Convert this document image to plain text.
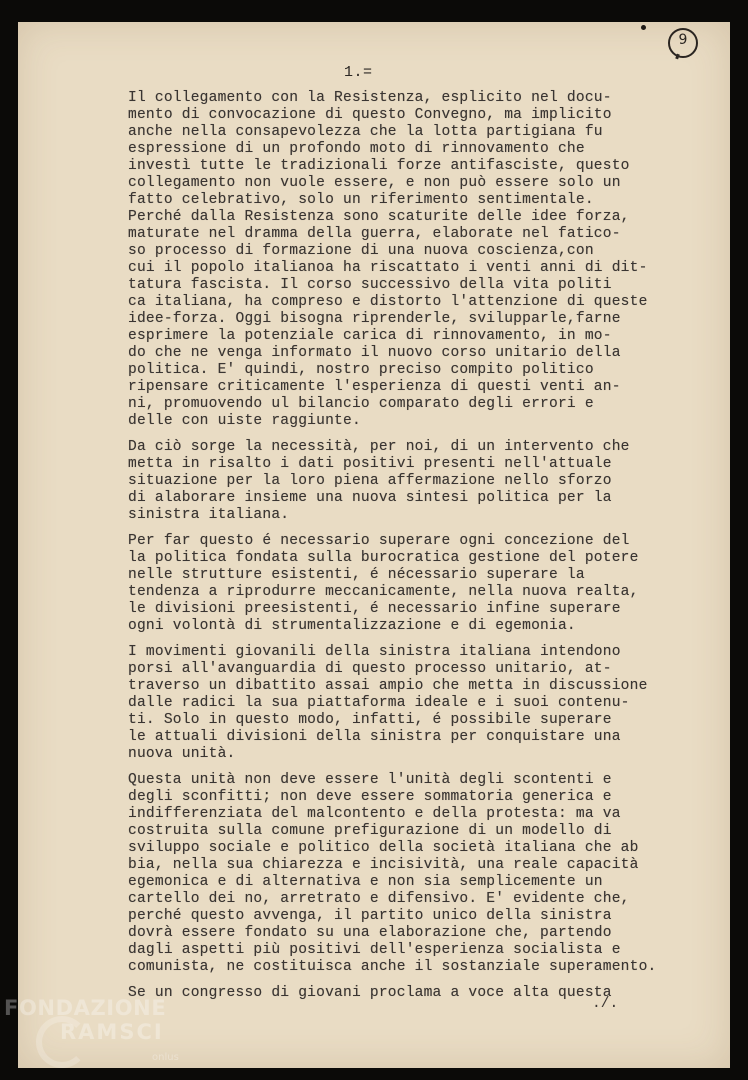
9
1.=
Il collegamento con la Resistenza, esplicito nel docu-
mento di convocazione di questo Convegno, ma implicito
anche nella consapevolezza che la lotta partigiana fu
espressione di un profondo moto di rinnovamento che
investì tutte le tradizionali forze antifasciste, questo
collegamento non vuole essere, e non può essere solo un
fatto celebrativo, solo un riferimento sentimentale.
Perché dalla Resistenza sono scaturite delle idee forza,
maturate nel dramma della guerra, elaborate nel fatico-
so processo di formazione di una nuova coscienza,con
cui il popolo italianoa ha riscattato i venti anni di dit-
tatura fascista. Il corso successivo della vita politi
ca italiana, ha compreso e distorto l'attenzione di queste
idee-forza. Oggi bisogna riprenderle, svilupparle,farne
esprimere la potenziale carica di rinnovamento, in mo-
do che ne venga informato il nuovo corso unitario della
politica. E' quindi, nostro preciso compito politico
ripensare criticamente l'esperienza di questi venti an-
ni, promuovendo ul bilancio comparato degli errori e
delle con uiste raggiunte.
Da ciò sorge la necessità, per noi, di un intervento che
metta in risalto i dati positivi presenti nell'attuale
situazione per la loro piena affermazione nello sforzo
di alaborare insieme una nuova sintesi politica per la
sinistra italiana.
Per far questo é necessario superare ogni concezione del
la politica fondata sulla burocratica gestione del potere
nelle strutture esistenti, é nécessario superare la
tendenza a riprodurre meccanicamente, nella nuova realta,
le divisioni preesistenti, é necessario infine superare
ogni volontà di strumentalizzazione e di egemonia.
I movimenti giovanili della sinistra italiana intendono
porsi all'avanguardia di questo processo unitario, at-
traverso un dibattito assai ampio che metta in discussione
dalle radici la sua piattaforma ideale e i suoi contenu-
ti. Solo in questo modo, infatti, é possibile superare
le attuali divisioni della sinistra per conquistare una
nuova unità.
Questa unità non deve essere l'unità degli scontenti e
degli sconfitti; non deve essere sommatoria generica e
indifferenziata del malcontento e della protesta: ma va
costruita sulla comune prefigurazione di un modello di
sviluppo sociale e politico della società italiana che ab
bia, nella sua chiarezza e incisività, una reale capacità
egemonica e di alternativa e non sia semplicemente un
cartello dei no, arretrato e difensivo. E' evidente che,
perché questo avvenga, il partito unico della sinistra
dovrà essere fondato su una elaborazione che, partendo
dagli aspetti più positivi dell'esperienza socialista e
comunista, ne costituisca anche il sostanziale superamento.
Se un congresso di giovani proclama a voce alta questa
./.
FONDAZIONE
RAMSCI
onlus
